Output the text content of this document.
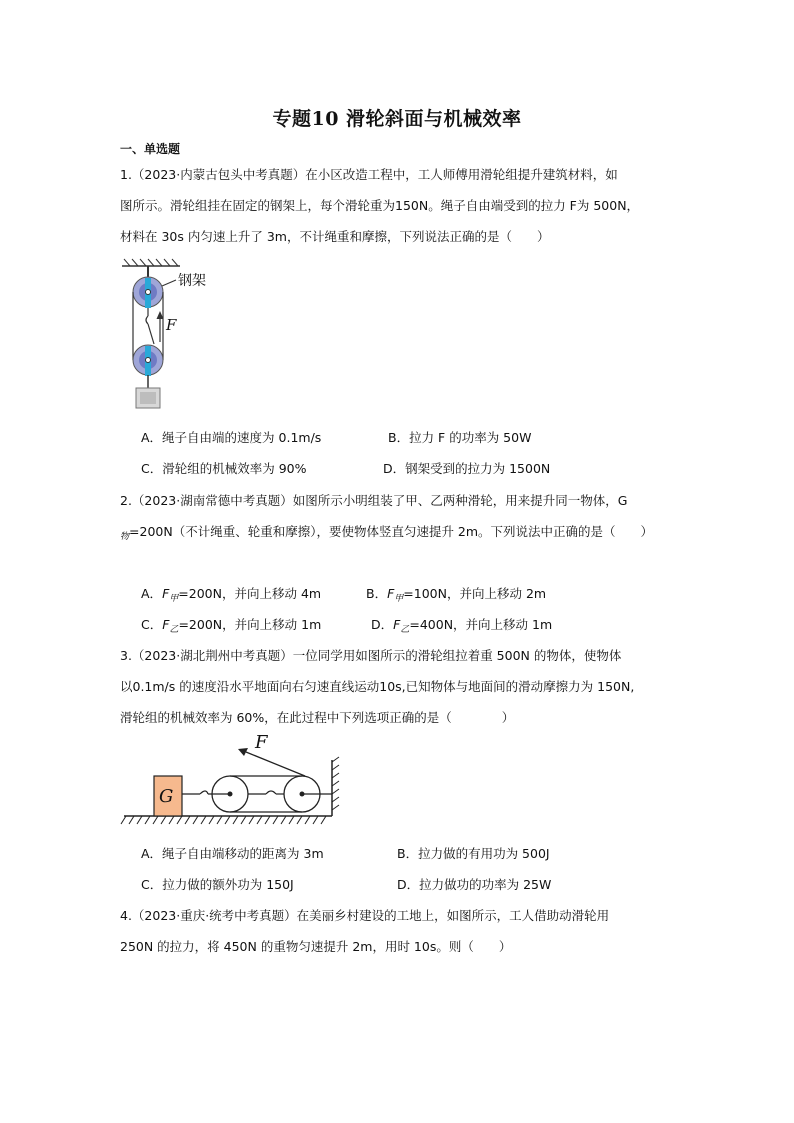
专题10 滑轮斜面与机械效率
一、单选题
1.（2023·内蒙古包头中考真题）在小区改造工程中，工人师傅用滑轮组提升建筑材料，如
图所示。滑轮组挂在固定的钢架上，每个滑轮重为150N。绳子自由端受到的拉力 F为 500N，
材料在 30s 内匀速上升了 3m，不计绳重和摩擦，下列说法正确的是（　　）
钢架
F
A．绳子自由端的速度为 0.1m/s	B．拉力 F 的功率为 50W
C．滑轮组的机械效率为 90%	D．钢架受到的拉力为 1500N
2.（2023·湖南常德中考真题）如图所示小明组装了甲、乙两种滑轮，用来提升同一物体，G
$_物$=200N（不计绳重、轮重和摩擦），要使物体竖直匀速提升 2m。下列说法中正确的是（　　）
A．$F_甲=200N$，并向上移动 4m	B．$F_甲=100N$，并向上移动 2m
C．$F_乙=200N$，并向上移动 1m	D．$F_乙=400N$，并向上移动 1m
3.（2023·湖北荆州中考真题）一位同学用如图所示的滑轮组拉着重 500N 的物体，使物体
以0.1m/s 的速度沿水平地面向右匀速直线运动10s,已知物体与地面间的滑动摩擦力为 150N,
滑轮组的机械效率为 60%，在此过程中下列选项正确的是（　　　　）
F
G
A．绳子自由端移动的距离为 3m	B．拉力做的有用功为 500J
C．拉力做的额外功为 150J	D．拉力做功的功率为 25W
4.（2023·重庆·统考中考真题）在美丽乡村建设的工地上，如图所示，工人借助动滑轮用
250N 的拉力，将 450N 的重物匀速提升 2m，用时 10s。则（　　）
